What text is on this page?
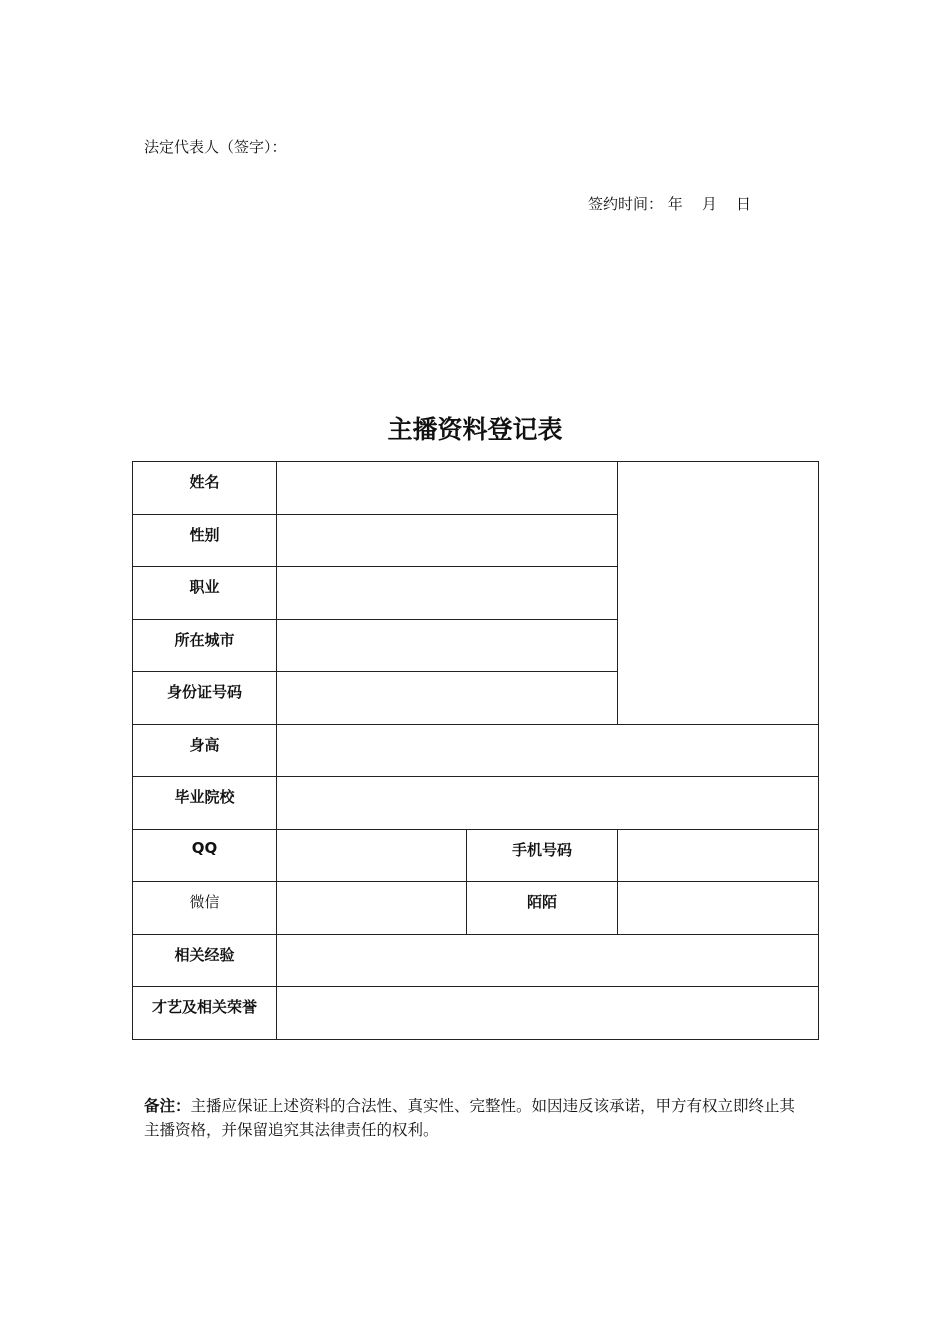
法定代表人（签字）：
签约时间： 年 月 日
主播资料登记表
姓名			
性别			
职业			
所在城市			
身份证号码			
身高			
毕业院校			
QQ		手机号码	
微信		陌陌	
相关经验			
才艺及相关荣誉			
备注：主播应保证上述资料的合法性、真实性、完整性。如因违反该承诺，甲方有权立即终止其主播资格，并保留追究其法律责任的权利。
